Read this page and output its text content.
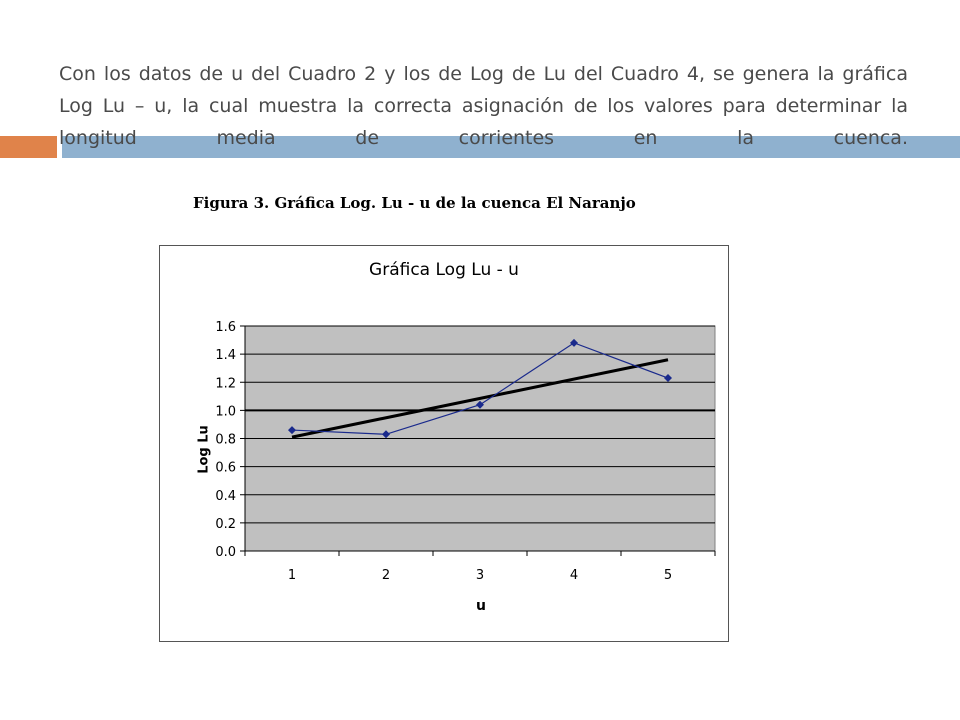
Con los datos de u del Cuadro 2 y los de Log de Lu del Cuadro 4, se genera la gráfica Log Lu – u, la cual muestra la correcta asignación de los valores para determinar la longitud media de corrientes en la cuenca.

Figura 3. Gráfica Log. Lu - u de la cuenca El Naranjo
0.0
0.2
0.4
0.6
0.8
1.0
1.2
1.4
1.6
1	2	3	4	5
Gráfica Log Lu - u
Log Lu
u
